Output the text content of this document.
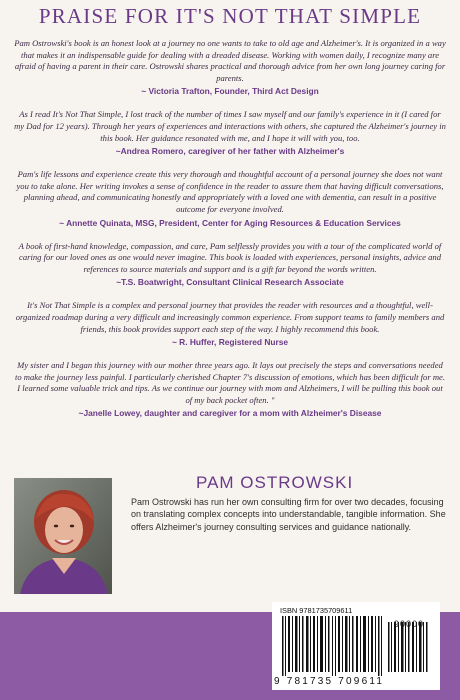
PRAISE FOR IT'S NOT THAT SIMPLE

Pam Ostrowski's book is an honest look at a journey no one wants to take to old age and Alzheimer's. It is organized in a way that makes it an indispensable guide for dealing with a dreaded disease. Working with women daily, I recognize many are afraid of having a parent in their care. Ostrowski shares practical and thorough advice from her own long journey caring for parents.

~ Victoria Trafton, Founder, Third Act Design

As I read It's Not That Simple, I lost track of the number of times I saw myself and our family's experience in it (I cared for my Dad for 12 years). Through her years of experiences and interactions with others, she captured the Alzheimer's journey in this book. Her guidance resonated with me, and I hope it will with you, too.

~Andrea Romero, caregiver of her father with Alzheimer's

Pam's life lessons and experience create this very thorough and thoughtful account of a personal journey she does not want you to take alone. Her writing invokes a sense of confidence in the reader to assure them that having difficult conversations, planning ahead, and communicating honestly and appropriately with a loved one with dementia, can result in a positive outcome for everyone involved.

~ Annette Quinata, MSG, President, Center for Aging Resources & Education Services

A book of first-hand knowledge, compassion, and care, Pam selflessly provides you with a tour of the complicated world of caring for our loved ones as one would never imagine. This book is loaded with experiences, personal insights, advice and references to source materials and support and is a gift far beyond the words written.

~T.S. Boatwright, Consultant Clinical Research Associate

It's Not That Simple is a complex and personal journey that provides the reader with resources and a thoughtful, well-organized roadmap during a very difficult and increasingly common experience. From support teams to family members and friends, this book provides support each step of the way. I highly recommend this book.

~ R. Huffer, Registered Nurse

My sister and I began this journey with our mother three years ago. It lays out precisely the steps and conversations needed to make the journey less painful. I particularly cherished Chapter 7's discussion of emotions, which has been difficult for me. I learned some valuable trick and tips. As we continue our journey with mom and Alzheimers, I will be pulling this book out of my back pocket often. "

~Janelle Lowey, daughter and caregiver for a mom with Alzheimer's Disease

PAM OSTROWSKI

Pam Ostrowski has run her own consulting firm for over two decades, focusing on translating complex concepts into understandable, tangible information. She offers Alzheimer's journey consulting services and guidance nationally.

ISBN 9781735709611
9 781735 709611
